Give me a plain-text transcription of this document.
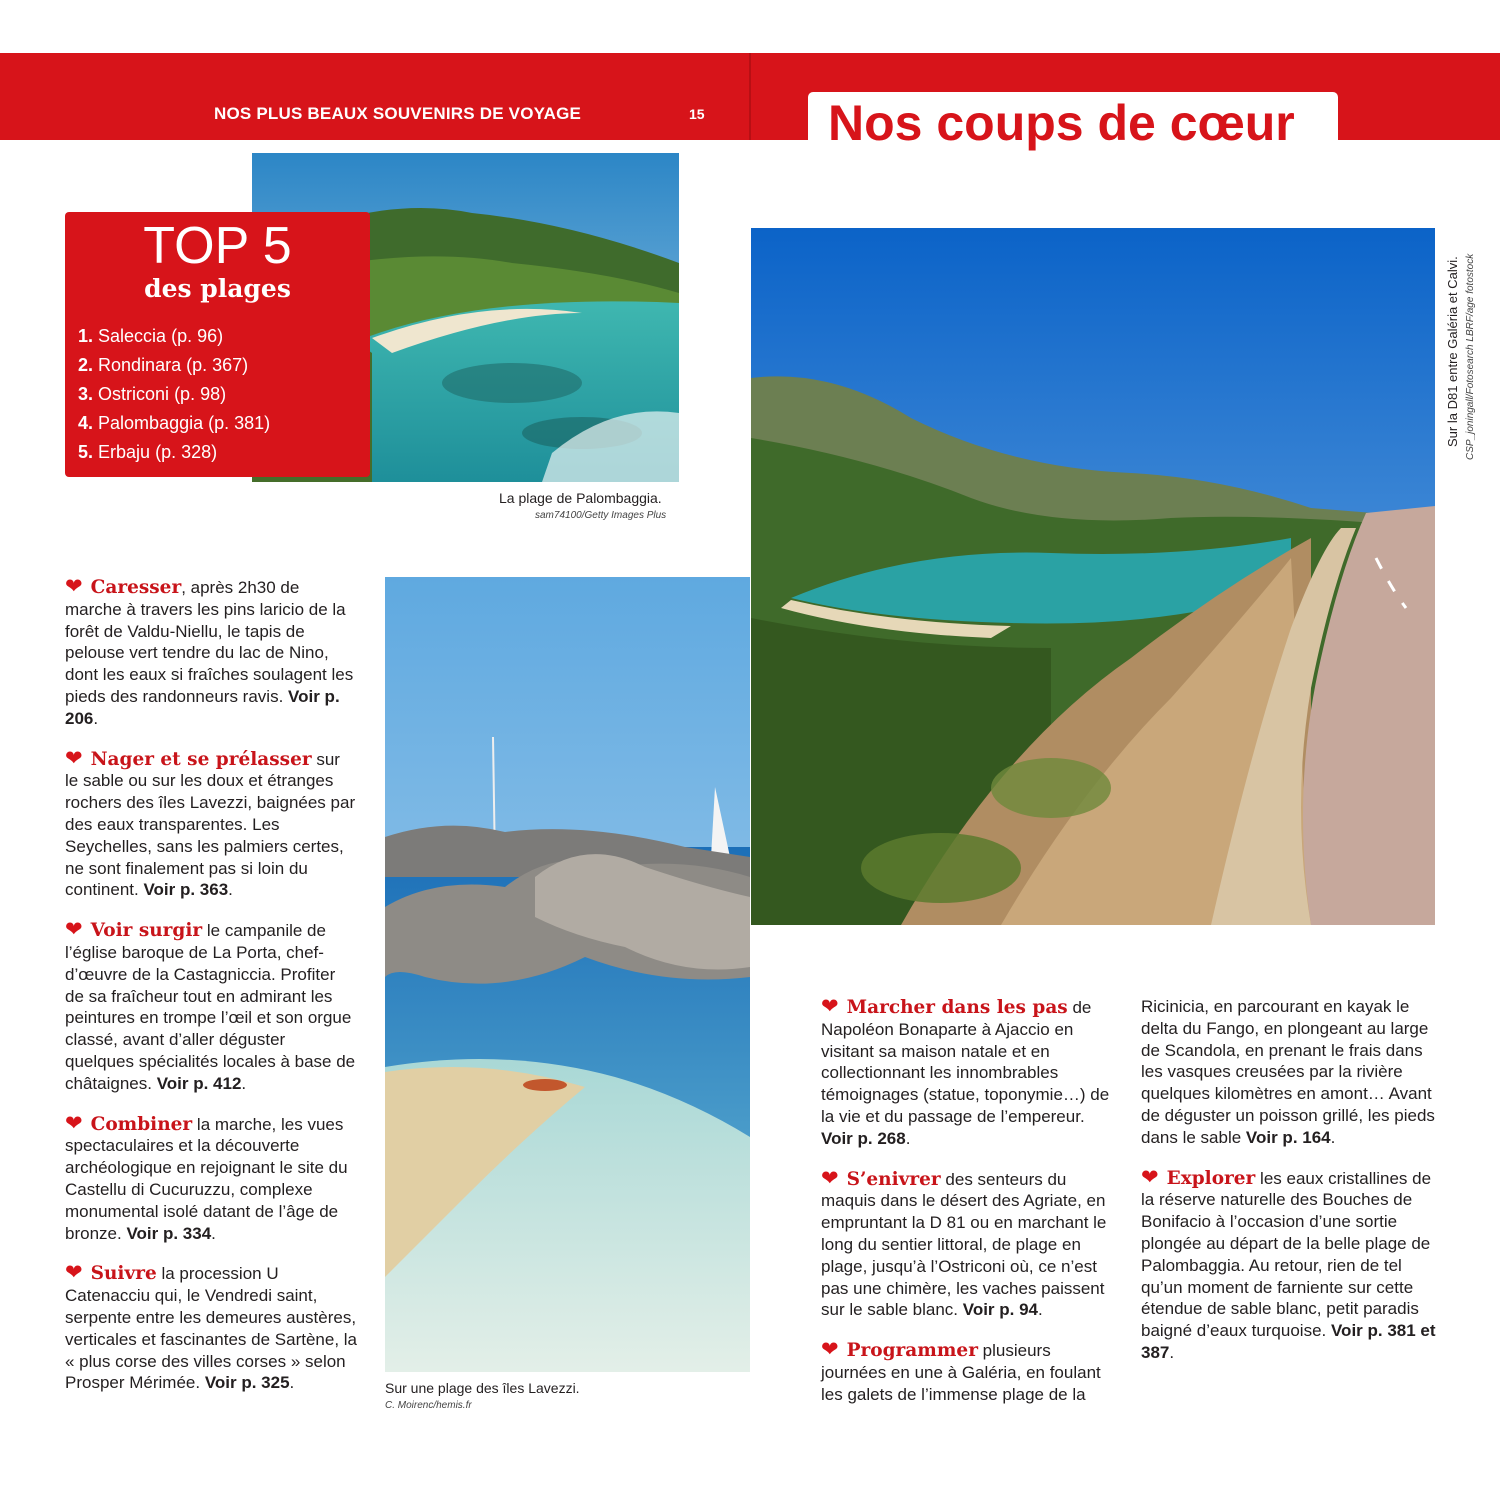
NOS PLUS BEAUX SOUVENIRS DE VOYAGE	15 Nos coups de cœur
La plage de Palombaggia.
sam74100/Getty Images Plus
TOP 5
des plages
1. Saleccia (p. 96)
2. Rondinara (p. 367)
3. Ostriconi (p. 98)
4. Palombaggia (p. 381)
5. Erbaju (p. 328)
Sur la D81 entre Galéria et Calvi. CSP_joningall/Fotosearch LBRF/age fotostock
Sur une plage des îles Lavezzi.
C. Moirenc/hemis.fr

❤ Caresser, après 2h30 de marche à travers les pins laricio de la forêt de Valdu-Niellu, le tapis de pelouse vert tendre du lac de Nino, dont les eaux si fraîches soulagent les pieds des randonneurs ravis. Voir p. 206.

❤ Nager et se prélasser sur le sable ou sur les doux et étranges rochers des îles Lavezzi, baignées par des eaux transparentes. Les Seychelles, sans les palmiers certes, ne sont finalement pas si loin du continent. Voir p. 363.

❤ Voir surgir le campanile de l’église baroque de La Porta, chef-d’œuvre de la Castagniccia. Profiter de sa fraîcheur tout en admirant les peintures en trompe l’œil et son orgue classé, avant d’aller déguster quelques spécialités locales à base de châtaignes. Voir p. 412.

❤ Combiner la marche, les vues spectaculaires et la découverte archéologique en rejoignant le site du Castellu di Cucuruzzu, complexe monumental isolé datant de l’âge de bronze. Voir p. 334.

❤ Suivre la procession U Catenacciu qui, le Vendredi saint, serpente entre les demeures austères, verticales et fascinantes de Sartène, la « plus corse des villes corses » selon Prosper Mérimée. Voir p. 325.

❤ Marcher dans les pas de Napoléon Bonaparte à Ajaccio en visitant sa maison natale et en collectionnant les innombrables témoignages (statue, toponymie…) de la vie et du passage de l’empereur. Voir p. 268.

❤ S’enivrer des senteurs du maquis dans le désert des Agriate, en empruntant la D 81 ou en marchant le long du sentier littoral, de plage en plage, jusqu’à l’Ostriconi où, ce n’est pas une chimère, les vaches paissent sur le sable blanc. Voir p. 94.

❤ Programmer plusieurs journées en une à Galéria, en foulant les galets de l’immense plage de la

Ricinicia, en parcourant en kayak le delta du Fango, en plongeant au large de Scandola, en prenant le frais dans les vasques creusées par la rivière quelques kilomètres en amont… Avant de déguster un poisson grillé, les pieds dans le sable Voir p. 164.

❤ Explorer les eaux cristallines de la réserve naturelle des Bouches de Bonifacio à l’occasion d’une sortie plongée au départ de la belle plage de Palombaggia. Au retour, rien de tel qu’un moment de farniente sur cette étendue de sable blanc, petit paradis baigné d’eaux turquoise. Voir p. 381 et 387.
